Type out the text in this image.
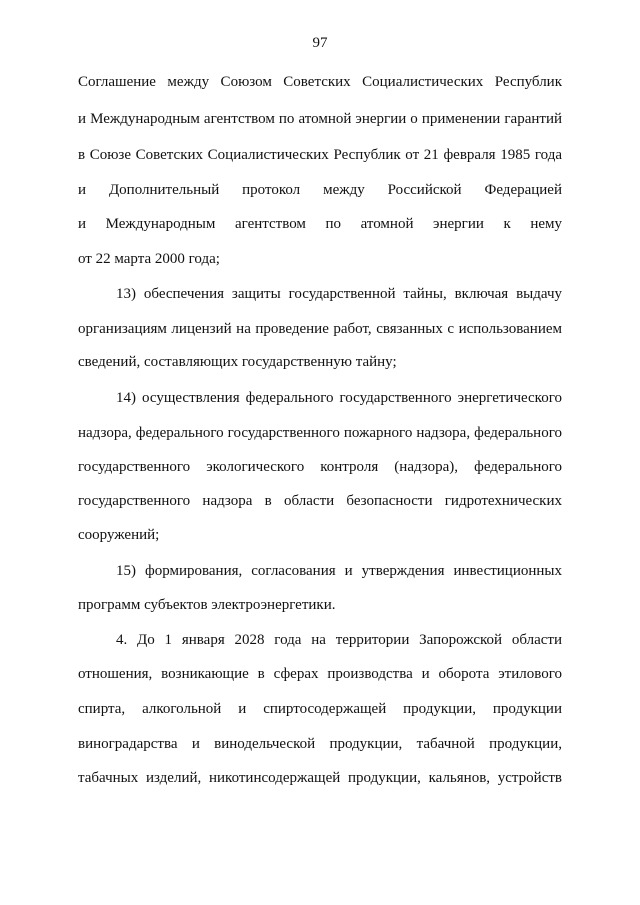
97
Соглашение между Союзом Советских Социалистических Республик
и Международным агентством по атомной энергии о применении гарантий
в Союзе Советских Социалистических Республик от 21 февраля 1985 года
и Дополнительный протокол между Российской Федерацией
и Международным агентством по атомной энергии к нему
от 22 марта 2000 года;
13) обеспечения защиты государственной тайны, включая выдачу
организациям лицензий на проведение работ, связанных с использованием
сведений, составляющих государственную тайну;
14) осуществления федерального государственного энергетического
надзора, федерального государственного пожарного надзора, федерального
государственного экологического контроля (надзора), федерального
государственного надзора в области безопасности гидротехнических
сооружений;
15) формирования, согласования и утверждения инвестиционных
программ субъектов электроэнергетики.
4. До 1 января 2028 года на территории Запорожской области
отношения, возникающие в сферах производства и оборота этилового
спирта, алкогольной и спиртосодержащей продукции, продукции
виноградарства и винодельческой продукции, табачной продукции,
табачных изделий, никотинсодержащей продукции, кальянов, устройств
